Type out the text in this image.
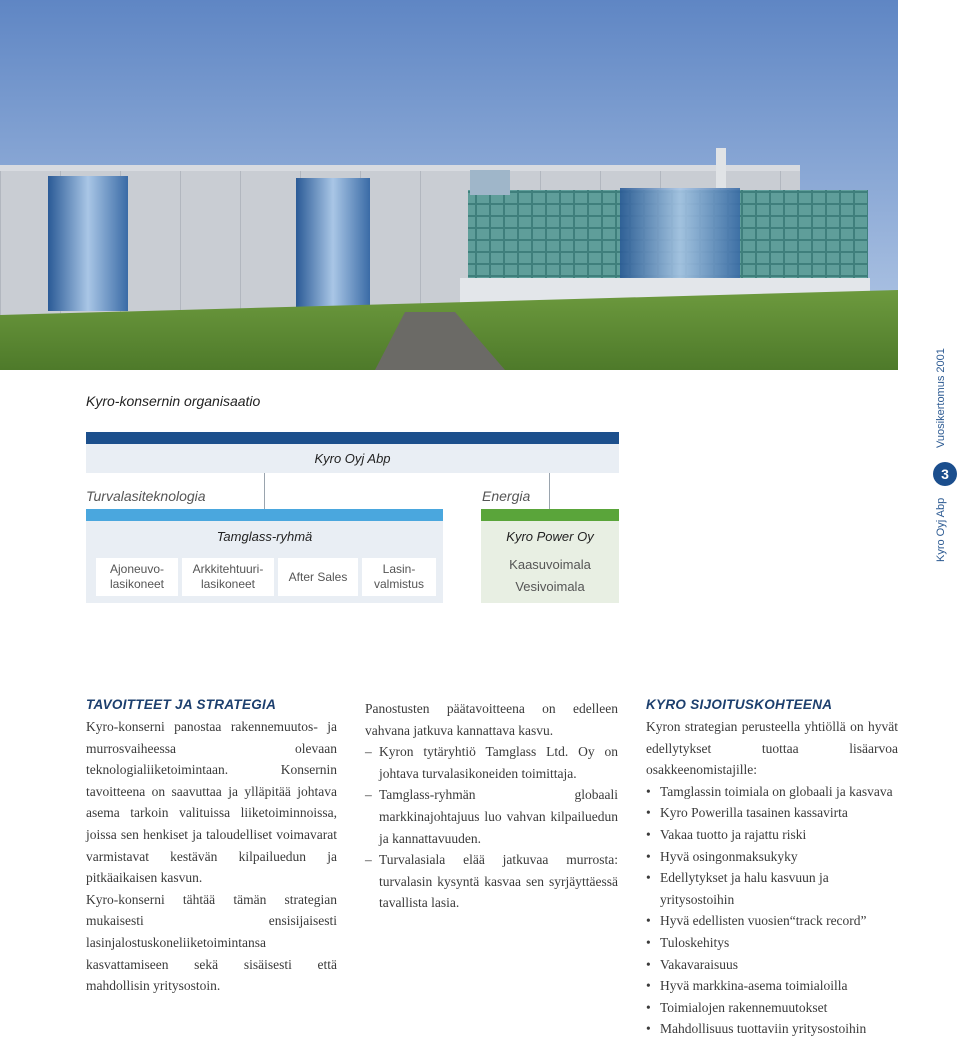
Vuosikertomus 2001
3
Kyro Oyj Abp
Kyro-konsernin organisaatio
Kyro Oyj Abp
Turvalasiteknologia	Energia
Tamglass-ryhmä
Ajoneuvo-
lasikoneet
Arkkitehtuuri-
lasikoneet
After Sales
Lasin-
valmistus
Kyro Power Oy
Kaasuvoimala
Vesivoimala
TAVOITTEET JA STRATEGIA

Kyro-konserni panostaa rakennemuutos- ja murrosvaiheessa olevaan teknologialiiketoimintaan. Konsernin tavoitteena on saavuttaa ja ylläpitää johtava asema tarkoin valituissa liiketoiminnoissa, joissa sen henkiset ja taloudelliset voimavarat varmistavat kestävän kilpailuedun ja pitkäaikaisen kasvun.

Kyro-konserni tähtää tämän strategian mukaisesti ensisijaisesti lasinjalostuskoneliiketoimintansa kasvattamiseen sekä sisäisesti että mahdollisin yritysostoin.

Panostusten päätavoitteena on edelleen vahvana jatkuva kannattava kasvu.

– Kyron tytäryhtiö Tamglass Ltd. Oy on johtava turvalasikoneiden toimittaja.
– Tamglass-ryhmän globaali markkinajohtajuus luo vahvan kilpailuedun ja kannattavuuden.
– Turvalasiala elää jatkuvaa murrosta: turvalasin kysyntä kasvaa sen syrjäyttäessä tavallista lasia.
KYRO SIJOITUSKOHTEENA

Kyron strategian perusteella yhtiöllä on hyvät edellytykset tuottaa lisäarvoa osakkeenomistajille:

• Tamglassin toimiala on globaali ja kasvava
• Kyro Powerilla tasainen kassavirta
• Vakaa tuotto ja rajattu riski
• Hyvä osingonmaksukyky
• Edellytykset ja halu kasvuun ja yritysostoihin
• Hyvä edellisten vuosien“track record”
• Tuloskehitys
• Vakavaraisuus
• Hyvä markkina-asema toimialoilla
• Toimialojen rakennemuutokset
• Mahdollisuus tuottaviin yritysostoihin
